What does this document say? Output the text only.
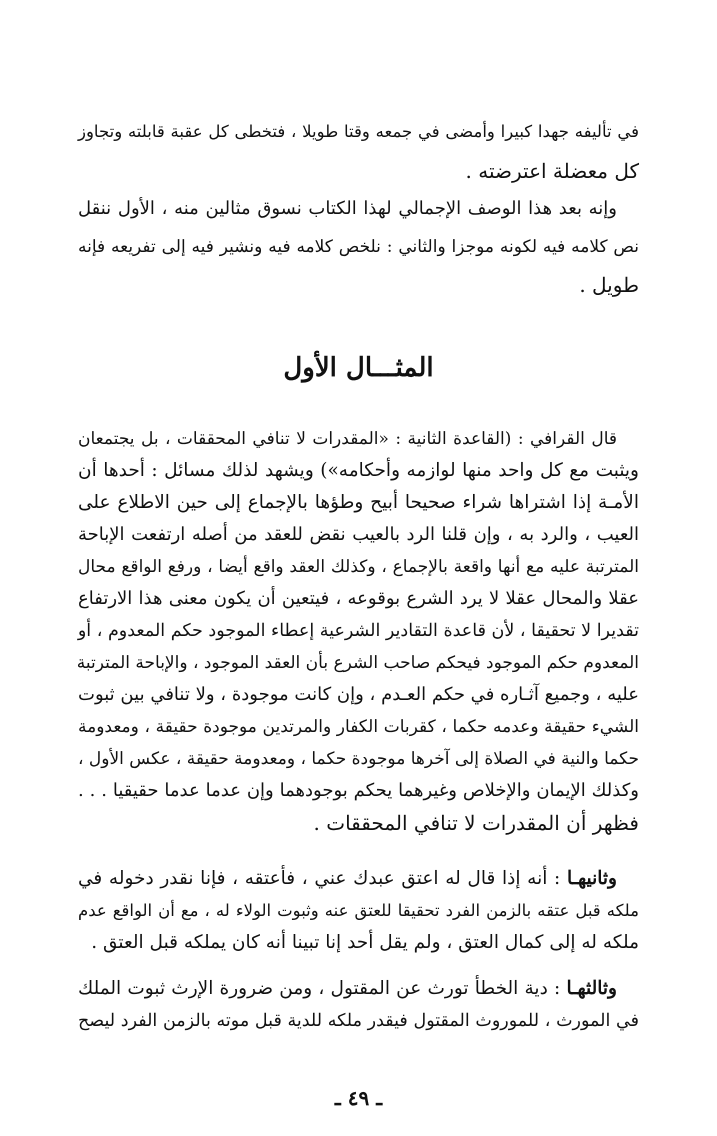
في تأليفه جهدا كبيرا وأمضى في جمعه وقتا طويلا ، فتخطى كل عقبة قابلته وتجاوز
كل معضلة اعترضته .
وإنه بعد هذا الوصف الإجمالي لهذا الكتاب نسوق مثالين منه ، الأول ننقل
نص كلامه فيه لكونه موجزا والثاني : نلخص كلامه فيه ونشير فيه إلى تفريعه فإنه
طويل .
المثـــال الأول
قال القرافي : (القاعدة الثانية : «المقدرات لا تنافي المحققات ، بل يجتمعان
ويثبت مع كل واحد منها لوازمه وأحكامه») ويشهد لذلك مسائل : أحدها أن
الأمـة إذا اشتراها شراء صحيحا أبيح وطؤها بالإجماع إلى حين الاطلاع على
العيب ، والرد به ، وإن قلنا الرد بالعيب نقض للعقد من أصله ارتفعت الإباحة
المترتبة عليه مع أنها واقعة بالإجماع ، وكذلك العقد واقع أيضا ، ورفع الواقع محال
عقلا والمحال عقلا لا يرد الشرع بوقوعه ، فيتعين أن يكون معنى هذا الارتفاع
تقديرا لا تحقيقا ، لأن قاعدة التقادير الشرعية إعطاء الموجود حكم المعدوم ، أو
المعدوم حكم الموجود فيحكم صاحب الشرع بأن العقد الموجود ، والإباحة المترتبة
عليه ، وجميع آثـاره في حكم العـدم ، وإن كانت موجودة ، ولا تنافي بين ثبوت
الشيء حقيقة وعدمه حكما ، كقربات الكفار والمرتدين موجودة حقيقة ، ومعدومة
حكما والنية في الصلاة إلى آخرها موجودة حكما ، ومعدومة حقيقة ، عكس الأول ،
وكذلك الإيمان والإخلاص وغيرهما يحكم بوجودهما وإن عدما عدما حقيقيا . . .
فظهر أن المقدرات لا تنافي المحققات .
وثانيهـا : أنه إذا قال له اعتق عبدك عني ، فأعتقه ، فإنا نقدر دخوله في
ملكه قبل عتقه بالزمن الفرد تحقيقا للعتق عنه وثبوت الولاء له ، مع أن الواقع عدم
ملكه له إلى كمال العتق ، ولم يقل أحد إنا تبينا أنه كان يملكه قبل العتق .
وثالثهـا : دية الخطأ تورث عن المقتول ، ومن ضرورة الإرث ثبوت الملك
في المورث ، للموروث المقتول فيقدر ملكه للدية قبل موته بالزمن الفرد ليصح
ـ ٤٩ ـ
